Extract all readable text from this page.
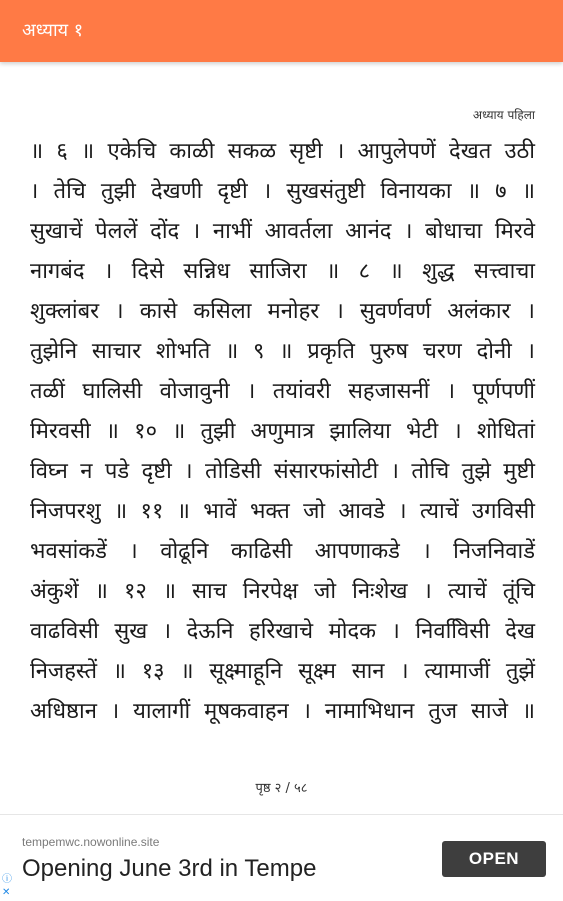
अध्याय १
अध्याय पहिला
॥ ६ ॥ एकेचि काळी सकळ सृष्टी । आपुलेपणें देखत उठी
। तेचि तुझी देखणी दृष्टी । सुखसंतुष्टी विनायका ॥ ७ ॥
सुखाचें पेललें दोंद । नाभीं आवर्तला आनंद । बोधाचा मिरवे
नागबंद । दिसे सन्निध साजिरा ॥ ८ ॥ शुद्ध सत्त्वाचा
शुक्लांबर । कासे कसिला मनोहर । सुवर्णवर्ण अलंकार ।
तुझेनि साचार शोभति ॥ ९ ॥ प्रकृति पुरुष चरण दोनी ।
तळीं घालिसी वोजावुनी । तयांवरी सहजासनीं । पूर्णपणीं
मिरवसी ॥ १० ॥ तुझी अणुमात्र झालिया भेटी । शोधितां
विघ्न न पडे दृष्टी । तोडिसी संसारफांसोटी । तोचि तुझे मुष्टी
निजपरशु ॥ ११ ॥ भावें भक्त जो आवडे । त्याचें उगविसी
भवसांकडें । वोढूनि काढिसी आपणाकडे । निजनिवाडें
अंकुशें ॥ १२ ॥ साच निरपेक्ष जो निःशेख । त्याचें तूंचि
वाढविसी सुख । देऊनि हरिखाचे मोदक । निववििसी देख
निजहस्तें ॥ १३ ॥ सूक्ष्माहूनि सूक्ष्म सान । त्यामाजीं तुझें
अधिष्ठान । यालागीं मूषकवाहन । नामाभिधान तुज साजे ॥
पृष्ठ २ / ५८
tempemwc.nowonline.site
Opening June 3rd in Tempe	OPEN
ⓘ
✕
